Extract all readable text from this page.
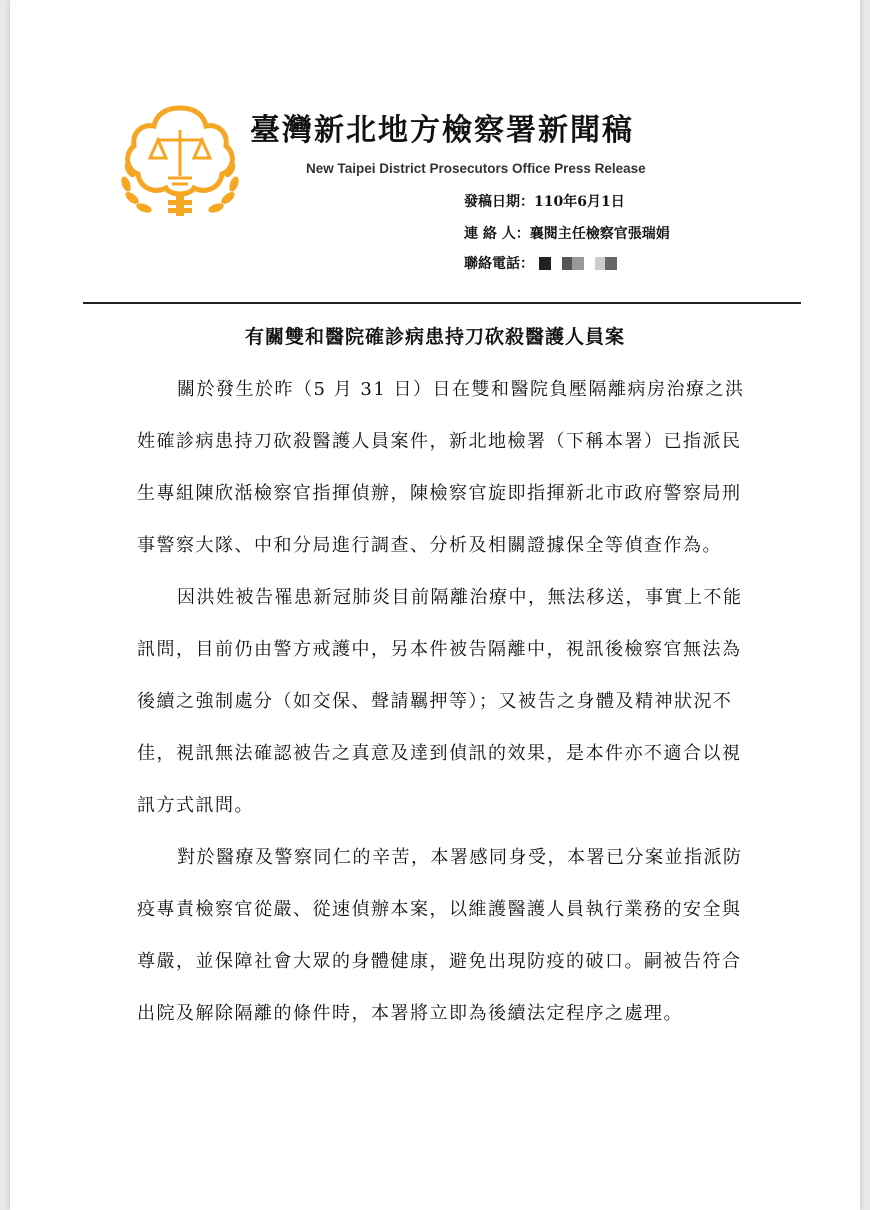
臺灣新北地方檢察署新聞稿
New Taipei District Prosecutors Office Press Release
發稿日期：110年6月1日
連 絡 人：襄閱主任檢察官張瑞娟
聯絡電話：
有關雙和醫院確診病患持刀砍殺醫護人員案

關於發生於昨（5 月 31 日）日在雙和醫院負壓隔離病房治療之洪姓確診病患持刀砍殺醫護人員案件，新北地檢署（下稱本署）已指派民生專組陳欣湉檢察官指揮偵辦，陳檢察官旋即指揮新北市政府警察局刑事警察大隊、中和分局進行調查、分析及相關證據保全等偵查作為。

因洪姓被告罹患新冠肺炎目前隔離治療中，無法移送，事實上不能訊問，目前仍由警方戒護中，另本件被告隔離中，視訊後檢察官無法為後續之強制處分（如交保、聲請羈押等）；又被告之身體及精神狀況不佳，視訊無法確認被告之真意及達到偵訊的效果，是本件亦不適合以視訊方式訊問。

對於醫療及警察同仁的辛苦，本署感同身受，本署已分案並指派防疫專責檢察官從嚴、從速偵辦本案，以維護醫護人員執行業務的安全與尊嚴，並保障社會大眾的身體健康，避免出現防疫的破口。嗣被告符合出院及解除隔離的條件時，本署將立即為後續法定程序之處理。
